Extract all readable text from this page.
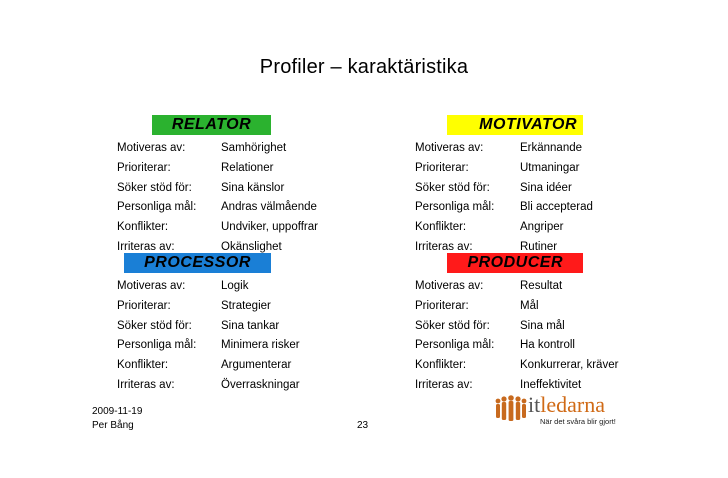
Profiler – karaktäristika
RELATOR	MOTIVATOR
PROCESSOR	PRODUCER
Motiveras av:	Samhörighet
Prioriterar:	Relationer
Söker stöd för:	Sina känslor
Personliga mål: Andras välmående
Konflikter:	Undviker, uppoffrar
Irriteras av:	Okänslighet
Motiveras av:	Erkännande
Prioriterar:	Utmaningar
Söker stöd för:	Sina idéer
Personliga mål: Bli accepterad
Konflikter:	Angriper
Irriteras av:	Rutiner
Motiveras av:	Logik
Prioriterar:	Strategier
Söker stöd för:	Sina tankar
Personliga mål: Minimera risker
Konflikter:	Argumenterar
Irriteras av:	Överraskningar
Motiveras av:	Resultat
Prioriterar:	Mål
Söker stöd för:	Sina mål
Personliga mål: Ha kontroll
Konflikter:	Konkurrerar, kräver
Irriteras av:	Ineffektivitet
2009-11-19
Per Bång	23
itledarna
När det svåra blir gjort!
